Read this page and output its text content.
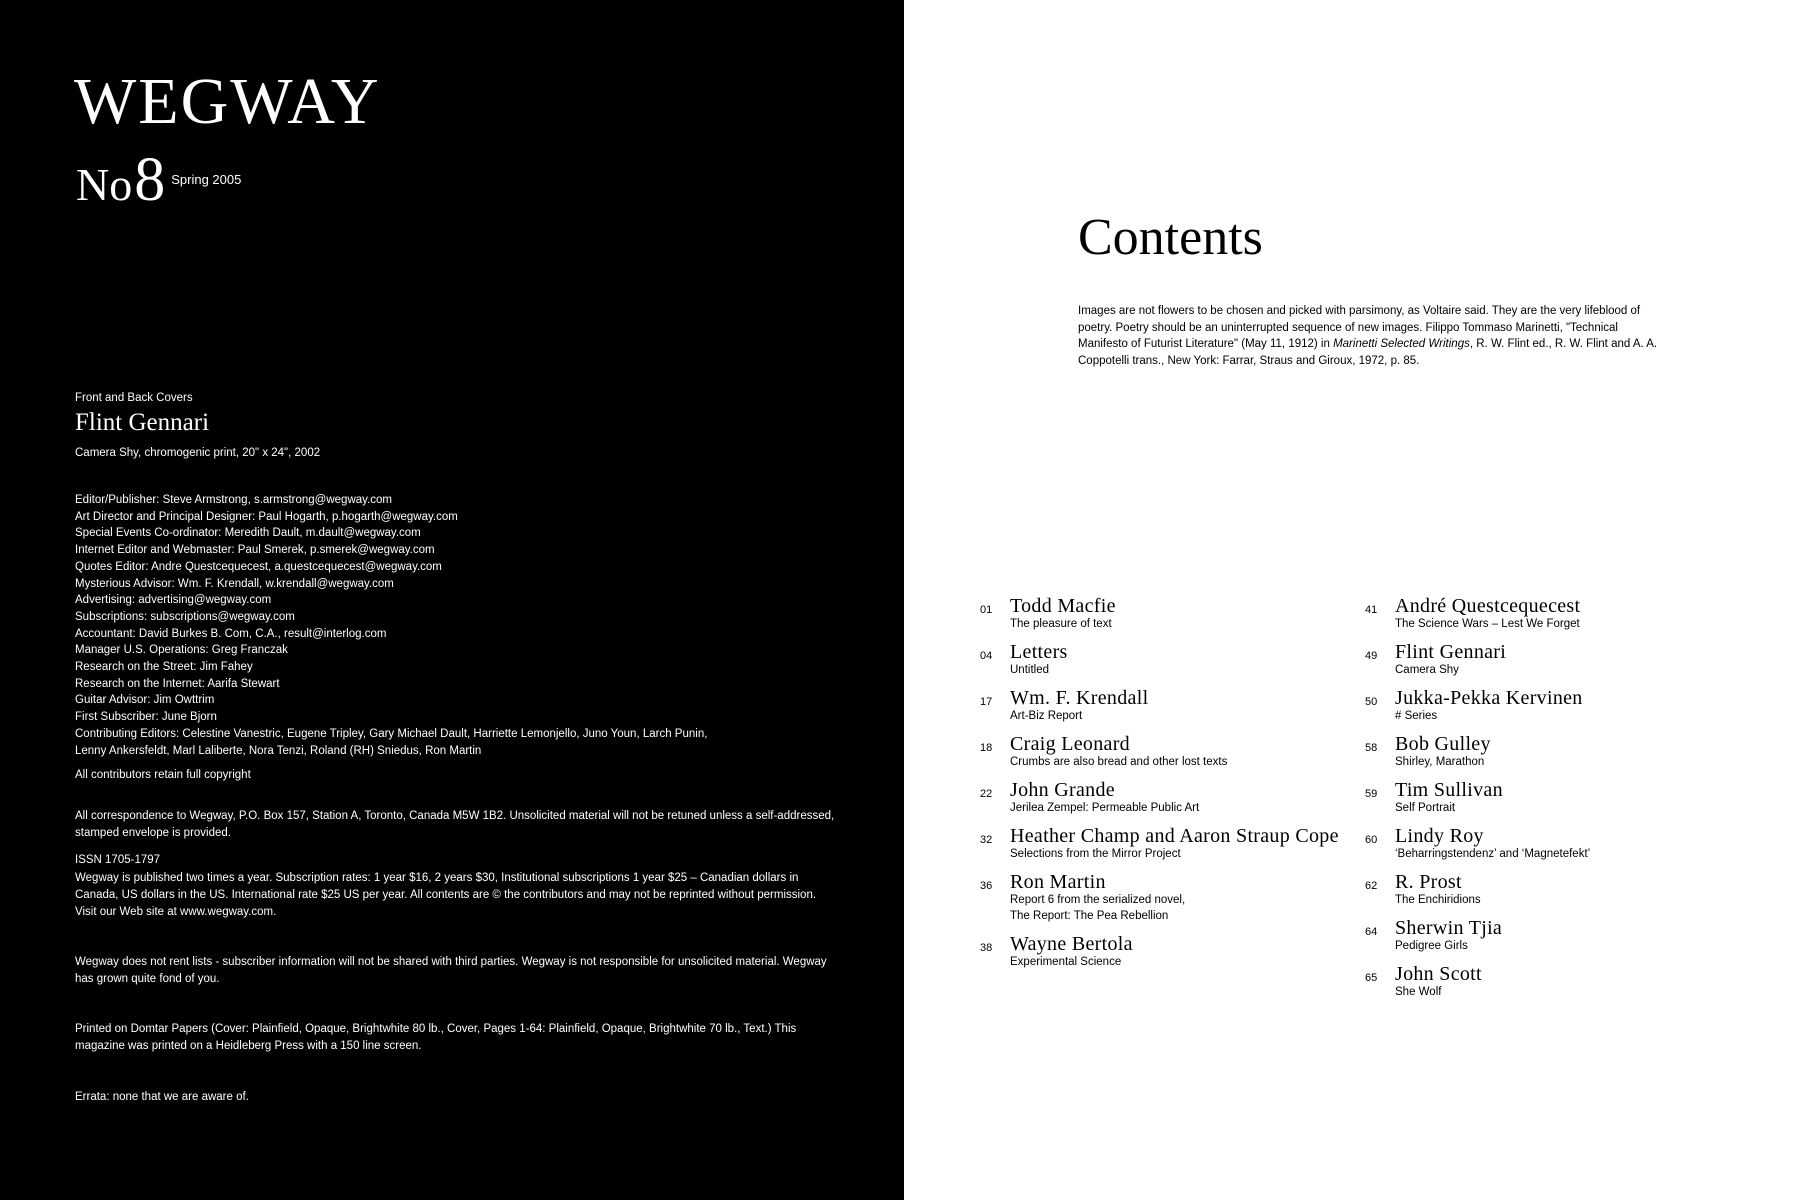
WEGWAY
No8 Spring 2005
Front and Back Covers
Flint Gennari
Camera Shy, chromogenic print, 20" x 24", 2002
Editor/Publisher: Steve Armstrong, s.armstrong@wegway.com
Art Director and Principal Designer: Paul Hogarth, p.hogarth@wegway.com
Special Events Co-ordinator: Meredith Dault, m.dault@wegway.com
Internet Editor and Webmaster: Paul Smerek, p.smerek@wegway.com
Quotes Editor: Andre Questcequecest, a.questcequecest@wegway.com
Mysterious Advisor: Wm. F. Krendall, w.krendall@wegway.com
Advertising: advertising@wegway.com
Subscriptions: subscriptions@wegway.com
Accountant: David Burkes B. Com, C.A., result@interlog.com
Manager U.S. Operations: Greg Franczak
Research on the Street: Jim Fahey
Research on the Internet: Aarifa Stewart
Guitar Advisor: Jim Owttrim
First Subscriber: June Bjorn
Contributing Editors: Celestine Vanestric, Eugene Tripley, Gary Michael Dault, Harriette Lemonjello, Juno Youn, Larch Punin,
Lenny Ankersfeldt, Marl Laliberte, Nora Tenzi, Roland (RH) Sniedus, Ron Martin
All contributors retain full copyright
All correspondence to Wegway, P.O. Box 157, Station A, Toronto, Canada M5W 1B2. Unsolicited material will not be retuned unless a self-addressed, stamped envelope is provided.
ISSN 1705-1797
Wegway is published two times a year. Subscription rates: 1 year $16, 2 years $30, Institutional subscriptions 1 year $25 – Canadian dollars in Canada, US dollars in the US. International rate $25 US per year. All contents are © the contributors and may not be reprinted without permission. Visit our Web site at www.wegway.com.
Wegway does not rent lists - subscriber information will not be shared with third parties. Wegway is not responsible for unsolicited material. Wegway has grown quite fond of you.
Printed on Domtar Papers (Cover: Plainfield, Opaque, Brightwhite 80 lb., Cover, Pages 1-64: Plainfield, Opaque, Brightwhite 70 lb., Text.) This magazine was printed on a Heidleberg Press with a 150 line screen.
Errata: none that we are aware of.
Contents
Images are not flowers to be chosen and picked with parsimony, as Voltaire said. They are the very lifeblood of poetry. Poetry should be an uninterrupted sequence of new images. Filippo Tommaso Marinetti, "Technical Manifesto of Futurist Literature" (May 11, 1912) in Marinetti Selected Writings, R. W. Flint ed., R. W. Flint and A. A. Coppotelli trans., New York: Farrar, Straus and Giroux, 1972, p. 85.
01 Todd Macfie
The pleasure of text
04 Letters
Untitled
17 Wm. F. Krendall
Art-Biz Report
18 Craig Leonard
Crumbs are also bread and other lost texts
22 John Grande
Jerilea Zempel: Permeable Public Art
32 Heather Champ and Aaron Straup Cope
Selections from the Mirror Project
36 Ron Martin
Report 6 from the serialized novel,
The Report: The Pea Rebellion
38 Wayne Bertola
Experimental Science
41 André Questcequecest
The Science Wars – Lest We Forget
49 Flint Gennari
Camera Shy
50 Jukka-Pekka Kervinen
# Series
58 Bob Gulley
Shirley, Marathon
59 Tim Sullivan
Self Portrait
60 Lindy Roy
‘Beharringstendenz’ and ‘Magnetefekt’
62 R. Prost
The Enchiridions
64 Sherwin Tjia
Pedigree Girls
65 John Scott
She Wolf
